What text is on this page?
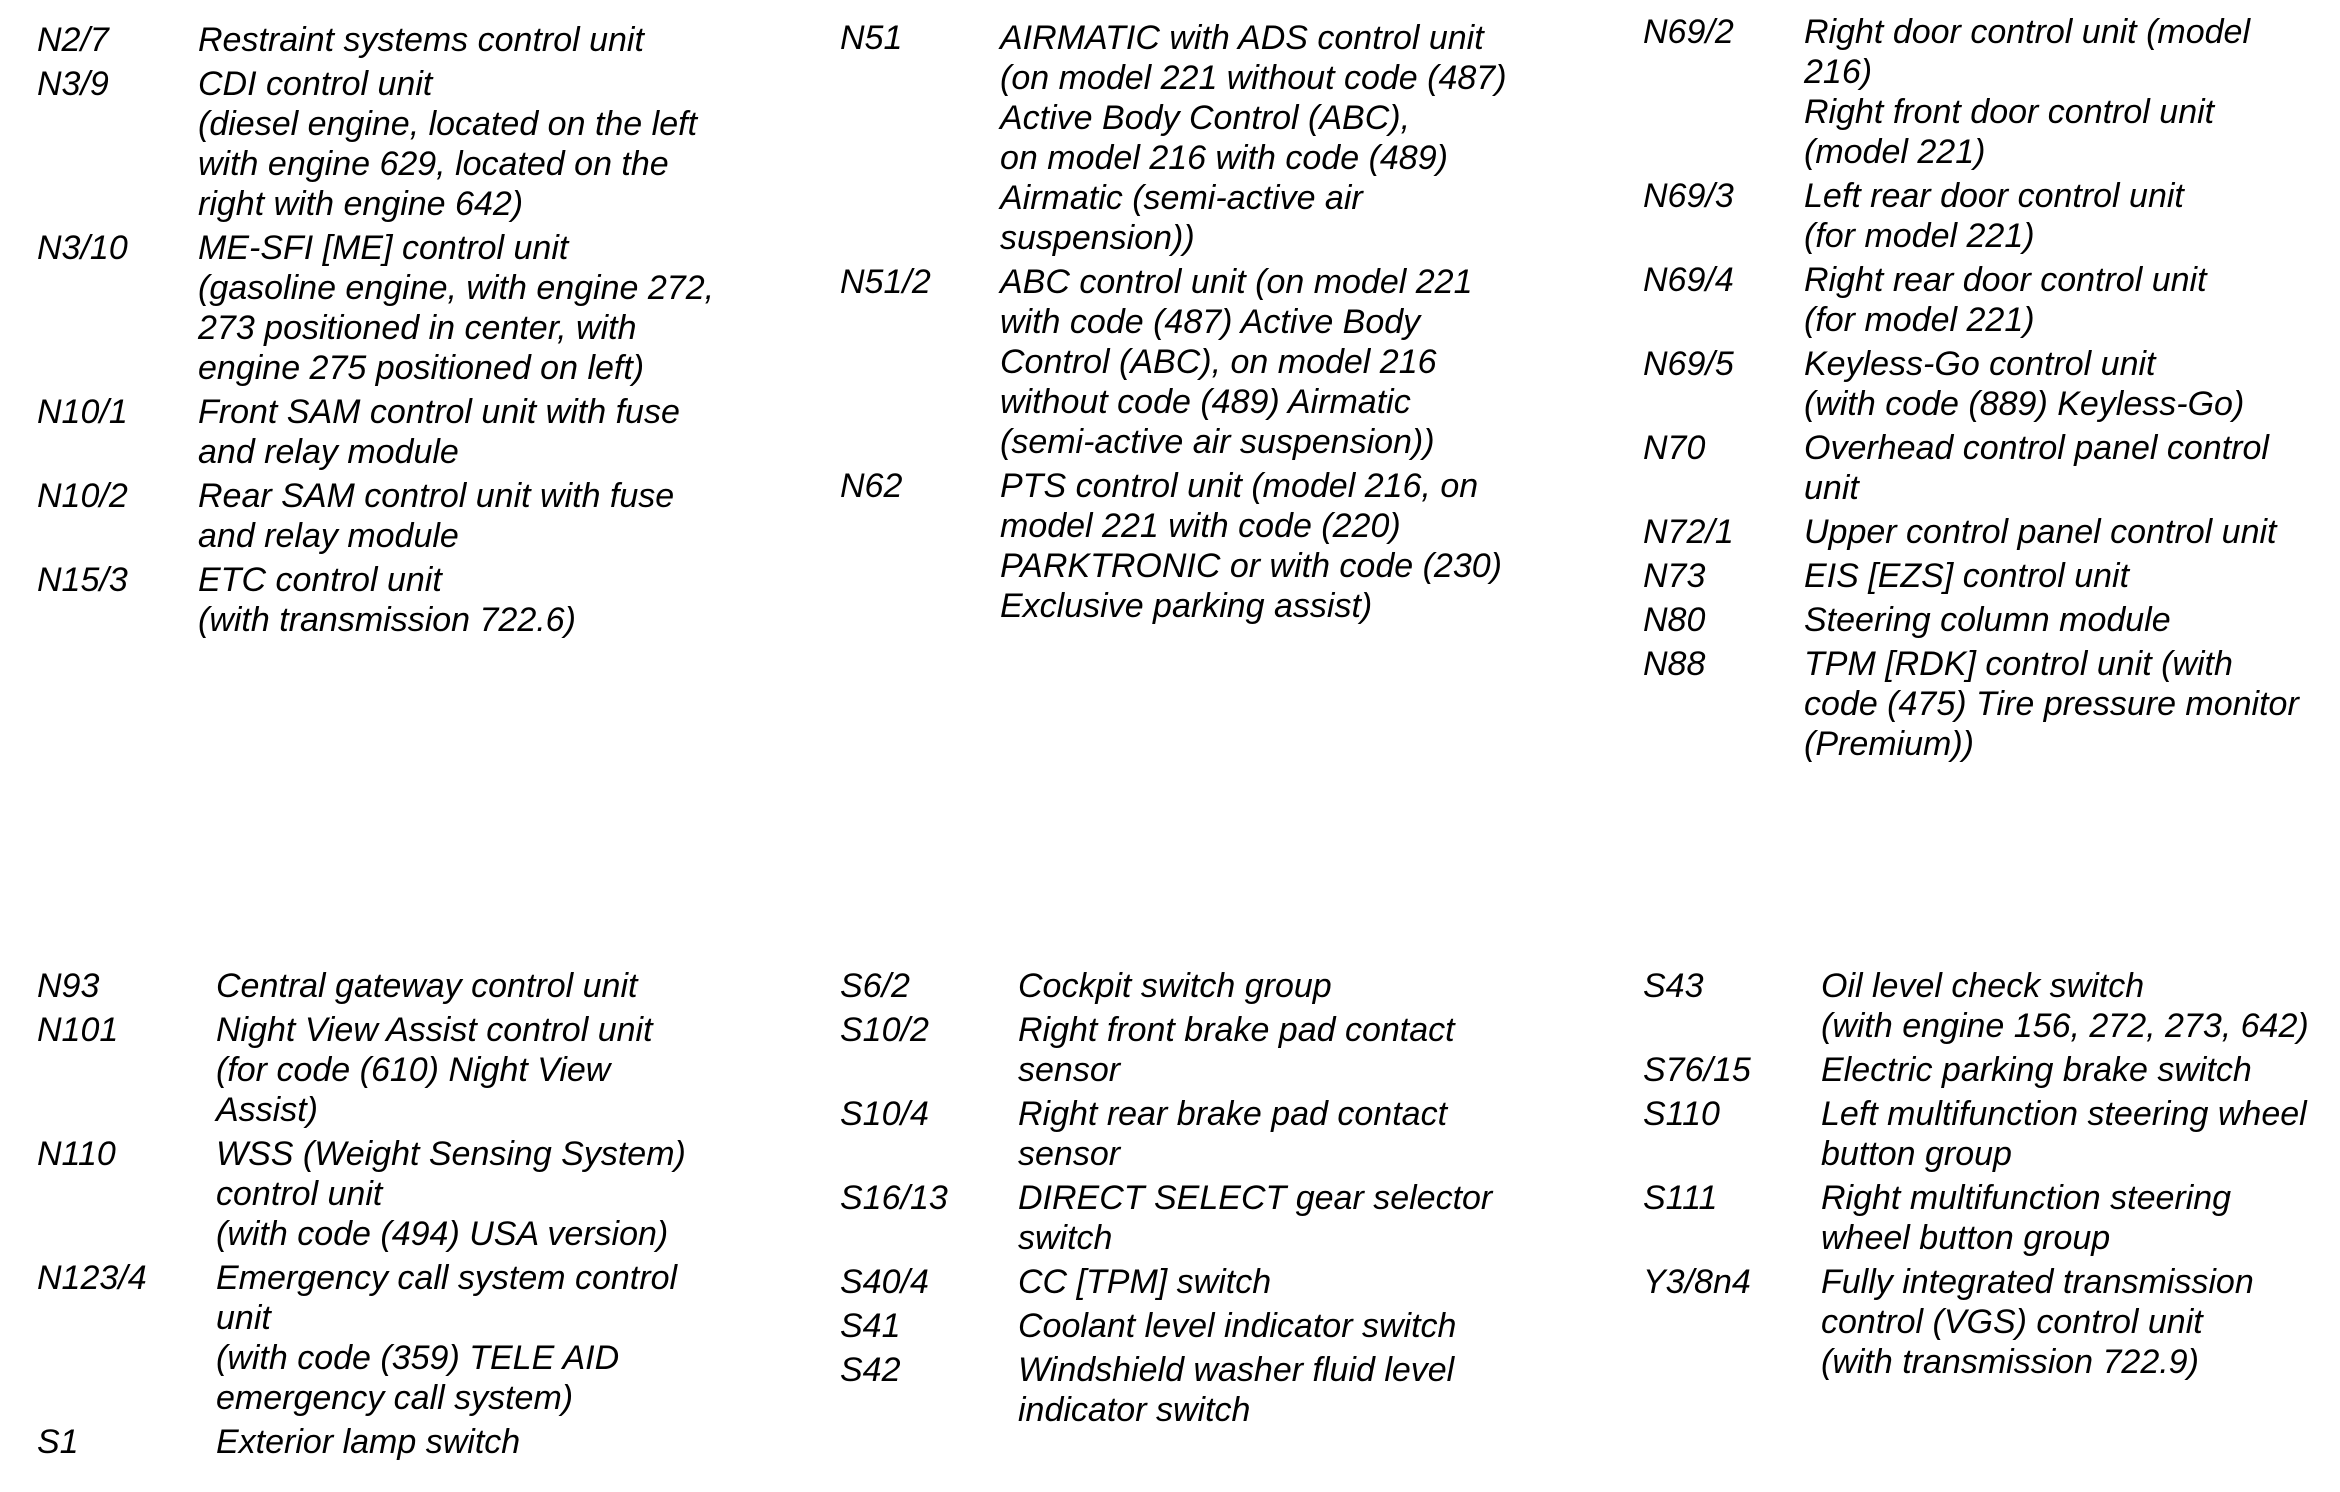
N2/7	Restraint systems control unit
N3/9	CDI control unit
(diesel engine, located on the left
with engine 629, located on the
right with engine 642)
N3/10 ME-SFI [ME] control unit
(gasoline engine, with engine 272,
273 positioned in center, with
engine 275 positioned on left)
N10/1 Front SAM control unit with fuse
and relay module
N10/2 Rear SAM control unit with fuse
and relay module
N15/3 ETC control unit
(with transmission 722.6)
N51	AIRMATIC with ADS control unit
(on model 221 without code (487)
Active Body Control (ABC),
on model 216 with code (489)
Airmatic (semi-active air
suspension))
N51/2 ABC control unit (on model 221
with code (487) Active Body
Control (ABC), on model 216
without code (489) Airmatic
(semi-active air suspension))
N62	PTS control unit (model 216, on
model 221 with code (220)
PARKTRONIC or with code (230)
Exclusive parking assist)
N69/2 Right door control unit (model
216)
Right front door control unit
(model 221)
N69/3 Left rear door control unit
(for model 221)
N69/4 Right rear door control unit
(for model 221)
N69/5 Keyless-Go control unit
(with code (889) Keyless-Go)
N70	Overhead control panel control
unit
N72/1 Upper control panel control unit
N73	EIS [EZS] control unit
N80	Steering column module
N88	TPM [RDK] control unit (with
code (475) Tire pressure monitor
(Premium))
N93	Central gateway control unit
N101	Night View Assist control unit
(for code (610) Night View
Assist)
N110	WSS (Weight Sensing System)
control unit
(with code (494) USA version)
N123/4 Emergency call system control
unit
(with code (359) TELE AID
emergency call system)
S1	Exterior lamp switch
S6/2	Cockpit switch group
S10/2	Right front brake pad contact
sensor
S10/4	Right rear brake pad contact
sensor
S16/13 DIRECT SELECT gear selector
switch
S40/4	CC [TPM] switch
S41	Coolant level indicator switch
S42	Windshield washer fluid level
indicator switch
S43	Oil level check switch
(with engine 156, 272, 273, 642)
S76/15 Electric parking brake switch
S110	Left multifunction steering wheel
button group
S111	Right multifunction steering
wheel button group
Y3/8n4 Fully integrated transmission
control (VGS) control unit
(with transmission 722.9)
